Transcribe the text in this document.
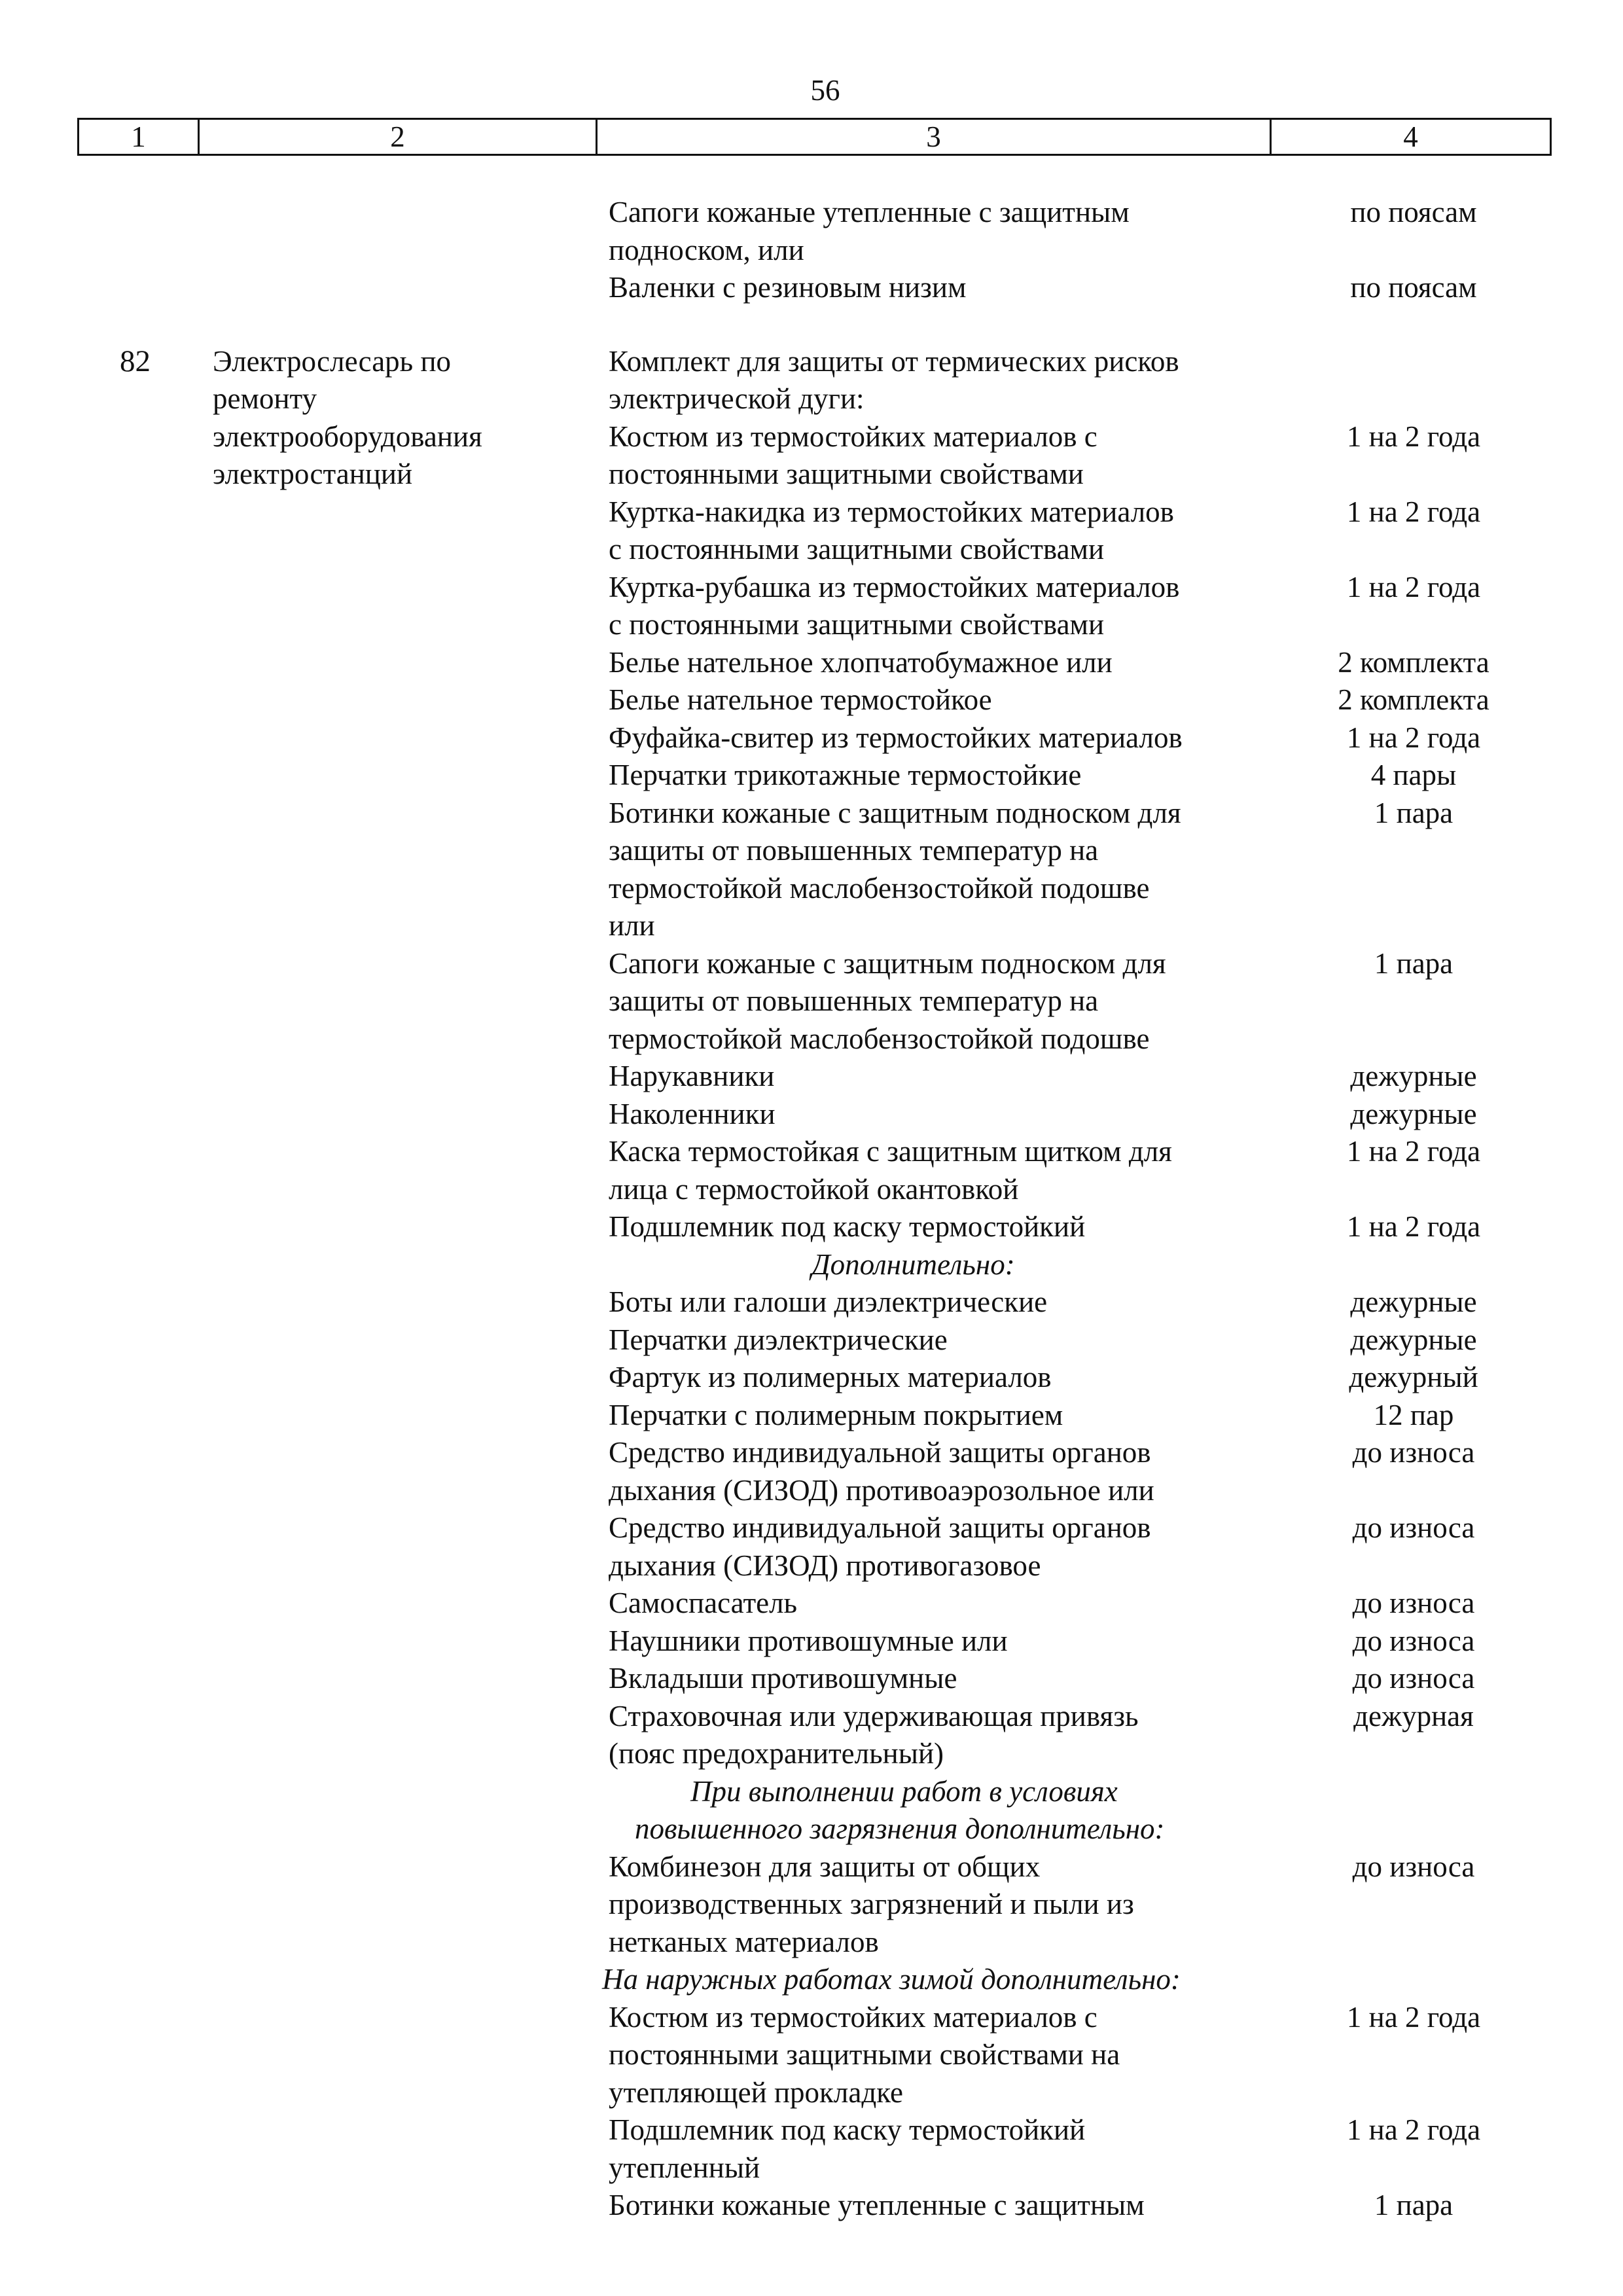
56
1	2	3	4
Сапоги кожаные утепленные с защитным	по поясам
подноском, или
Валенки с резиновым низим	по поясам
82 Электрослесарь по
ремонту
электрооборудования
электростанций
Комплект для защиты от термических рисков
электрической дуги:
Костюм из термостойких материалов с	1 на 2 года
постоянными защитными свойствами
Куртка-накидка из термостойких материалов	1 на 2 года
с постоянными защитными свойствами
Куртка-рубашка из термостойких материалов	1 на 2 года
с постоянными защитными свойствами
Белье нательное хлопчатобумажное или	2 комплекта
Белье нательное термостойкое	2 комплекта
Фуфайка-свитер из термостойких материалов	1 на 2 года
Перчатки трикотажные термостойкие	4 пары
Ботинки кожаные с защитным подноском для	1 пара
защиты от повышенных температур на
термостойкой маслобензостойкой подошве
или
Сапоги кожаные с защитным подноском для	1 пара
защиты от повышенных температур на
термостойкой маслобензостойкой подошве
Нарукавники	дежурные
Наколенники	дежурные
Каска термостойкая с защитным щитком для	1 на 2 года
лица с термостойкой окантовкой
Подшлемник под каску термостойкий	1 на 2 года
Дополнительно:
Боты или галоши диэлектрические	дежурные
Перчатки диэлектрические	дежурные
Фартук из полимерных материалов	дежурный
Перчатки с полимерным покрытием	12 пар
Средство индивидуальной защиты органов	до износа
дыхания (СИЗОД) противоаэрозольное или
Средство индивидуальной защиты органов	до износа
дыхания (СИЗОД) противогазовое
Самоспасатель	до износа
Наушники противошумные или	до износа
Вкладыши противошумные	до износа
Страховочная или удерживающая привязь	дежурная
(пояс предохранительный)
При выполнении работ в условиях
повышенного загрязнения дополнительно:
Комбинезон для защиты от общих	до износа
производственных загрязнений и пыли из
нетканых материалов
На наружных работах зимой дополнительно:
Костюм из термостойких материалов с	1 на 2 года
постоянными защитными свойствами на
утепляющей прокладке
Подшлемник под каску термостойкий	1 на 2 года
утепленный
Ботинки кожаные утепленные с защитным	1 пара
